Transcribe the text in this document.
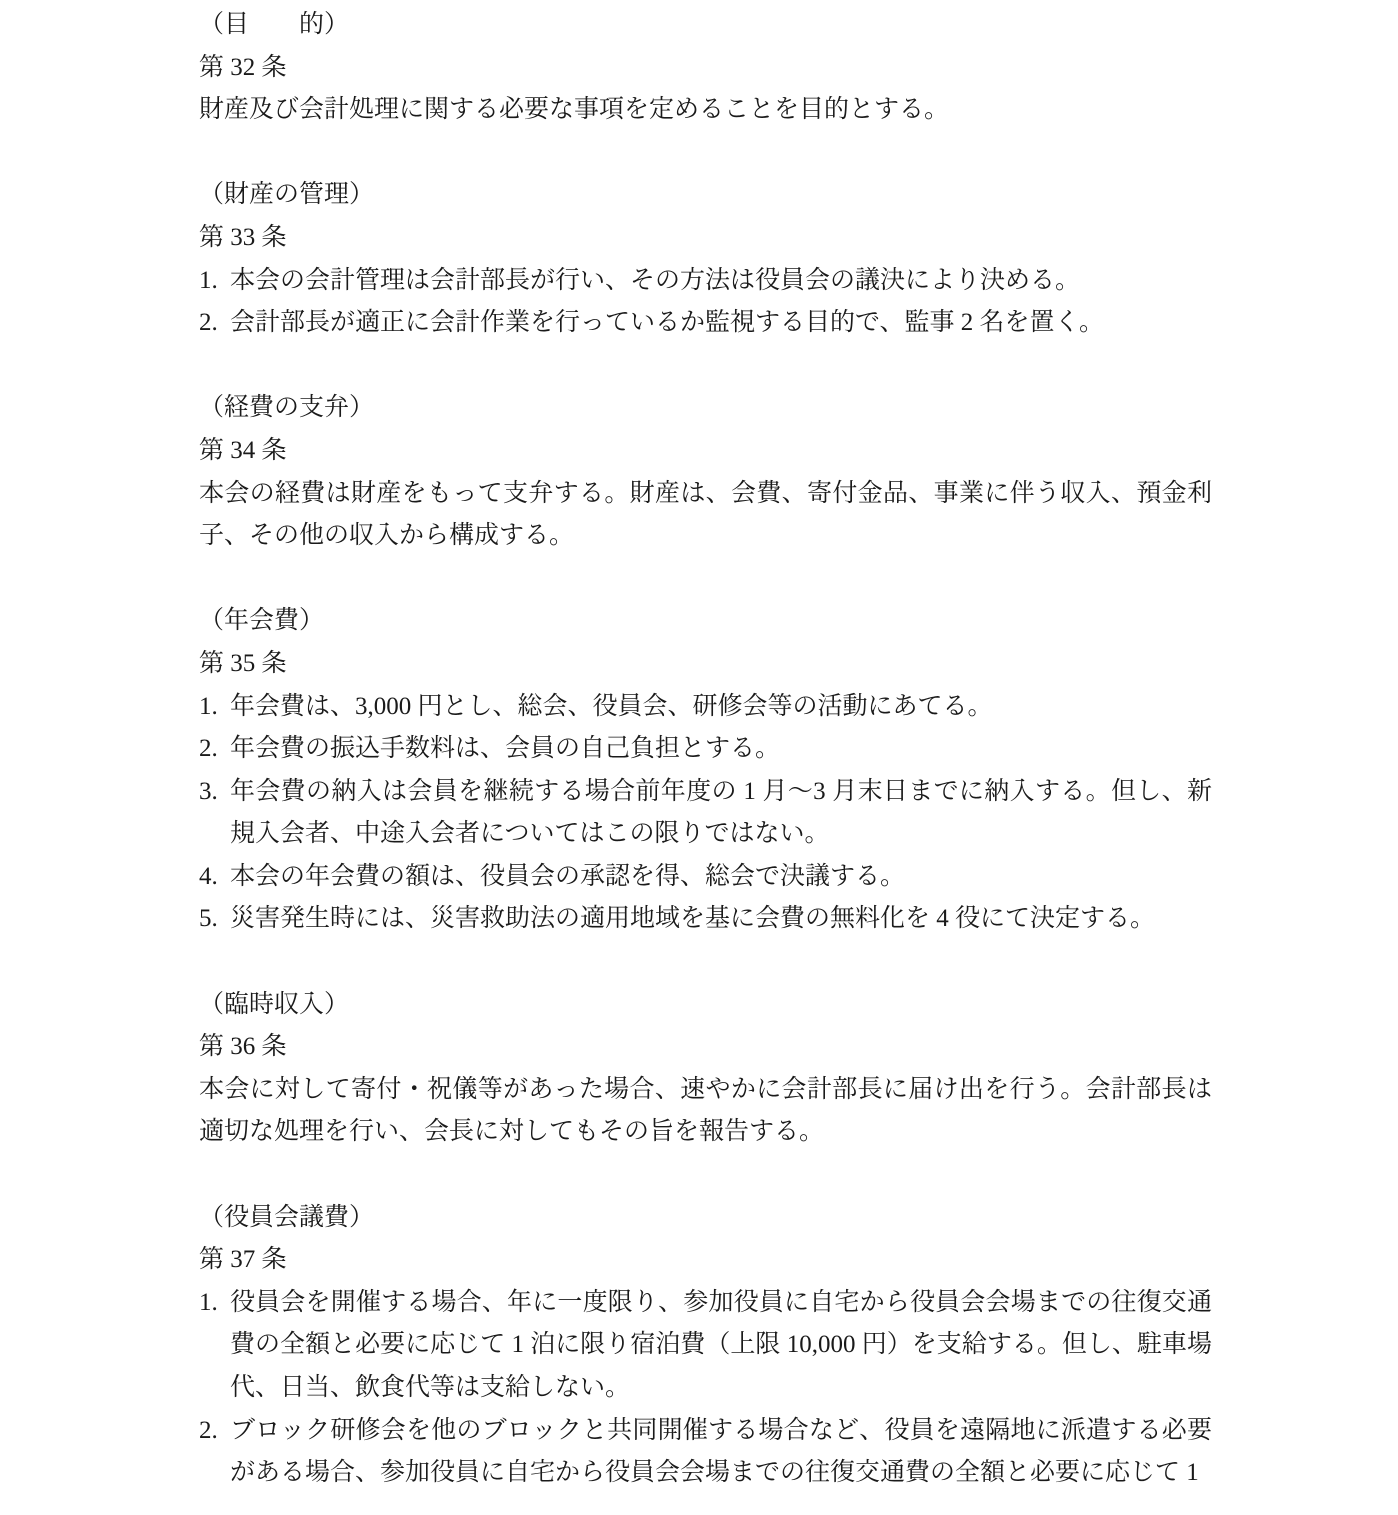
（目　　的）

第 32 条

財産及び会計処理に関する必要な事項を定めることを目的とする。

（財産の管理）

第 33 条

1. 本会の会計管理は会計部長が行い、その方法は役員会の議決により決める。
2. 会計部長が適正に会計作業を行っているか監視する目的で、監事 2 名を置く。

（経費の支弁）

第 34 条

本会の経費は財産をもって支弁する。財産は、会費、寄付金品、事業に伴う収入、預金利子、その他の収入から構成する。

（年会費）

第 35 条

1. 年会費は、3,000 円とし、総会、役員会、研修会等の活動にあてる。
2. 年会費の振込手数料は、会員の自己負担とする。
3. 年会費の納入は会員を継続する場合前年度の 1 月～3 月末日までに納入する。但し、新規入会者、中途入会者についてはこの限りではない。
4. 本会の年会費の額は、役員会の承認を得、総会で決議する。
5. 災害発生時には、災害救助法の適用地域を基に会費の無料化を 4 役にて決定する。

（臨時収入）

第 36 条

本会に対して寄付・祝儀等があった場合、速やかに会計部長に届け出を行う。会計部長は適切な処理を行い、会長に対してもその旨を報告する。

（役員会議費）

第 37 条

1. 役員会を開催する場合、年に一度限り、参加役員に自宅から役員会会場までの往復交通費の全額と必要に応じて 1 泊に限り宿泊費（上限 10,000 円）を支給する。但し、駐車場代、日当、飲食代等は支給しない。
2. ブロック研修会を他のブロックと共同開催する場合など、役員を遠隔地に派遣する必要がある場合、参加役員に自宅から役員会会場までの往復交通費の全額と必要に応じて 1
